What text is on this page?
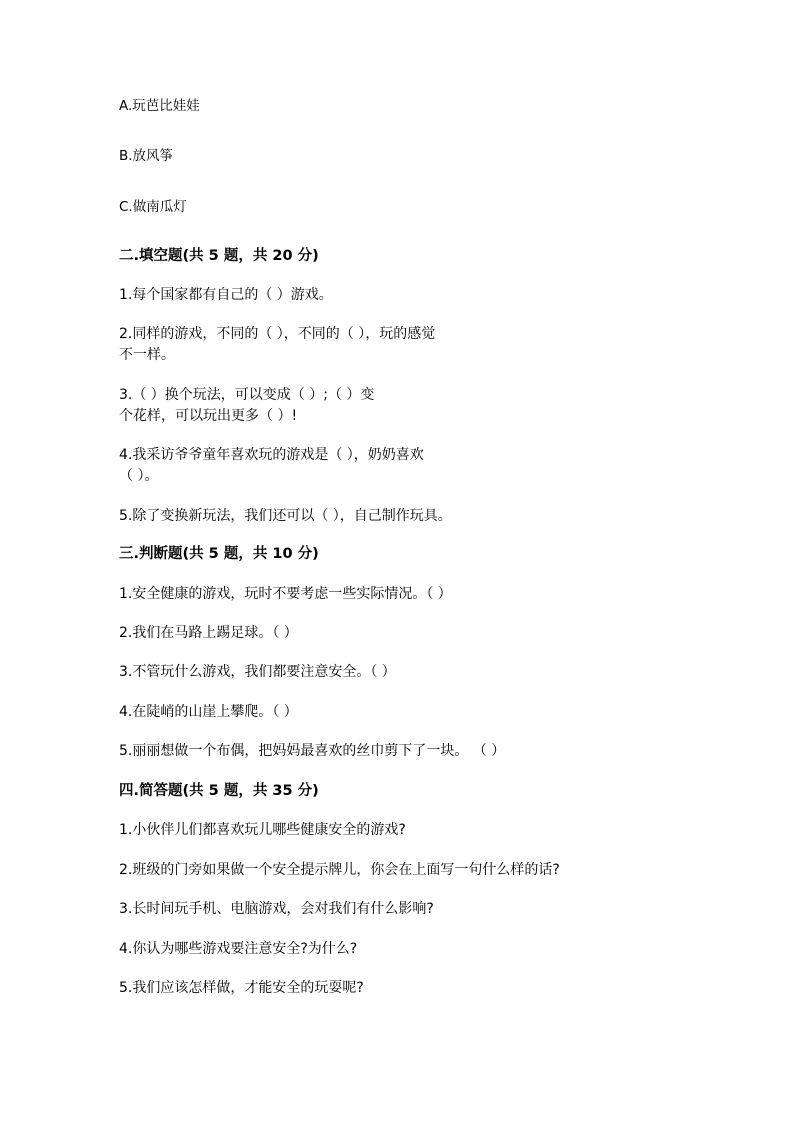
A.玩芭比娃娃
B.放风筝
C.做南瓜灯
二.填空题(共 5 题，共 20 分)
1.每个国家都有自己的（ ）游戏。
2.同样的游戏，不同的（ ），不同的（ ），玩的感觉
不一样。
3.（ ）换个玩法，可以变成（ ）;（ ）变
个花样，可以玩出更多（ ）!
4.我采访爷爷童年喜欢玩的游戏是（ ），奶奶喜欢
（ ）。
5.除了变换新玩法，我们还可以（ ），自己制作玩具。
三.判断题(共 5 题，共 10 分)
1.安全健康的游戏，玩时不要考虑一些实际情况。（ ）
2.我们在马路上踢足球。（ ）
3.不管玩什么游戏，我们都要注意安全。（ ）
4.在陡峭的山崖上攀爬。（ ）
5.丽丽想做一个布偶，把妈妈最喜欢的丝巾剪下了一块。 （ ）
四.简答题(共 5 题，共 35 分)
1.小伙伴儿们都喜欢玩儿哪些健康安全的游戏?
2.班级的门旁如果做一个安全提示牌儿，你会在上面写一句什么样的话?
3.长时间玩手机、电脑游戏，会对我们有什么影响?
4.你认为哪些游戏要注意安全?为什么?
5.我们应该怎样做，才能安全的玩耍呢?
